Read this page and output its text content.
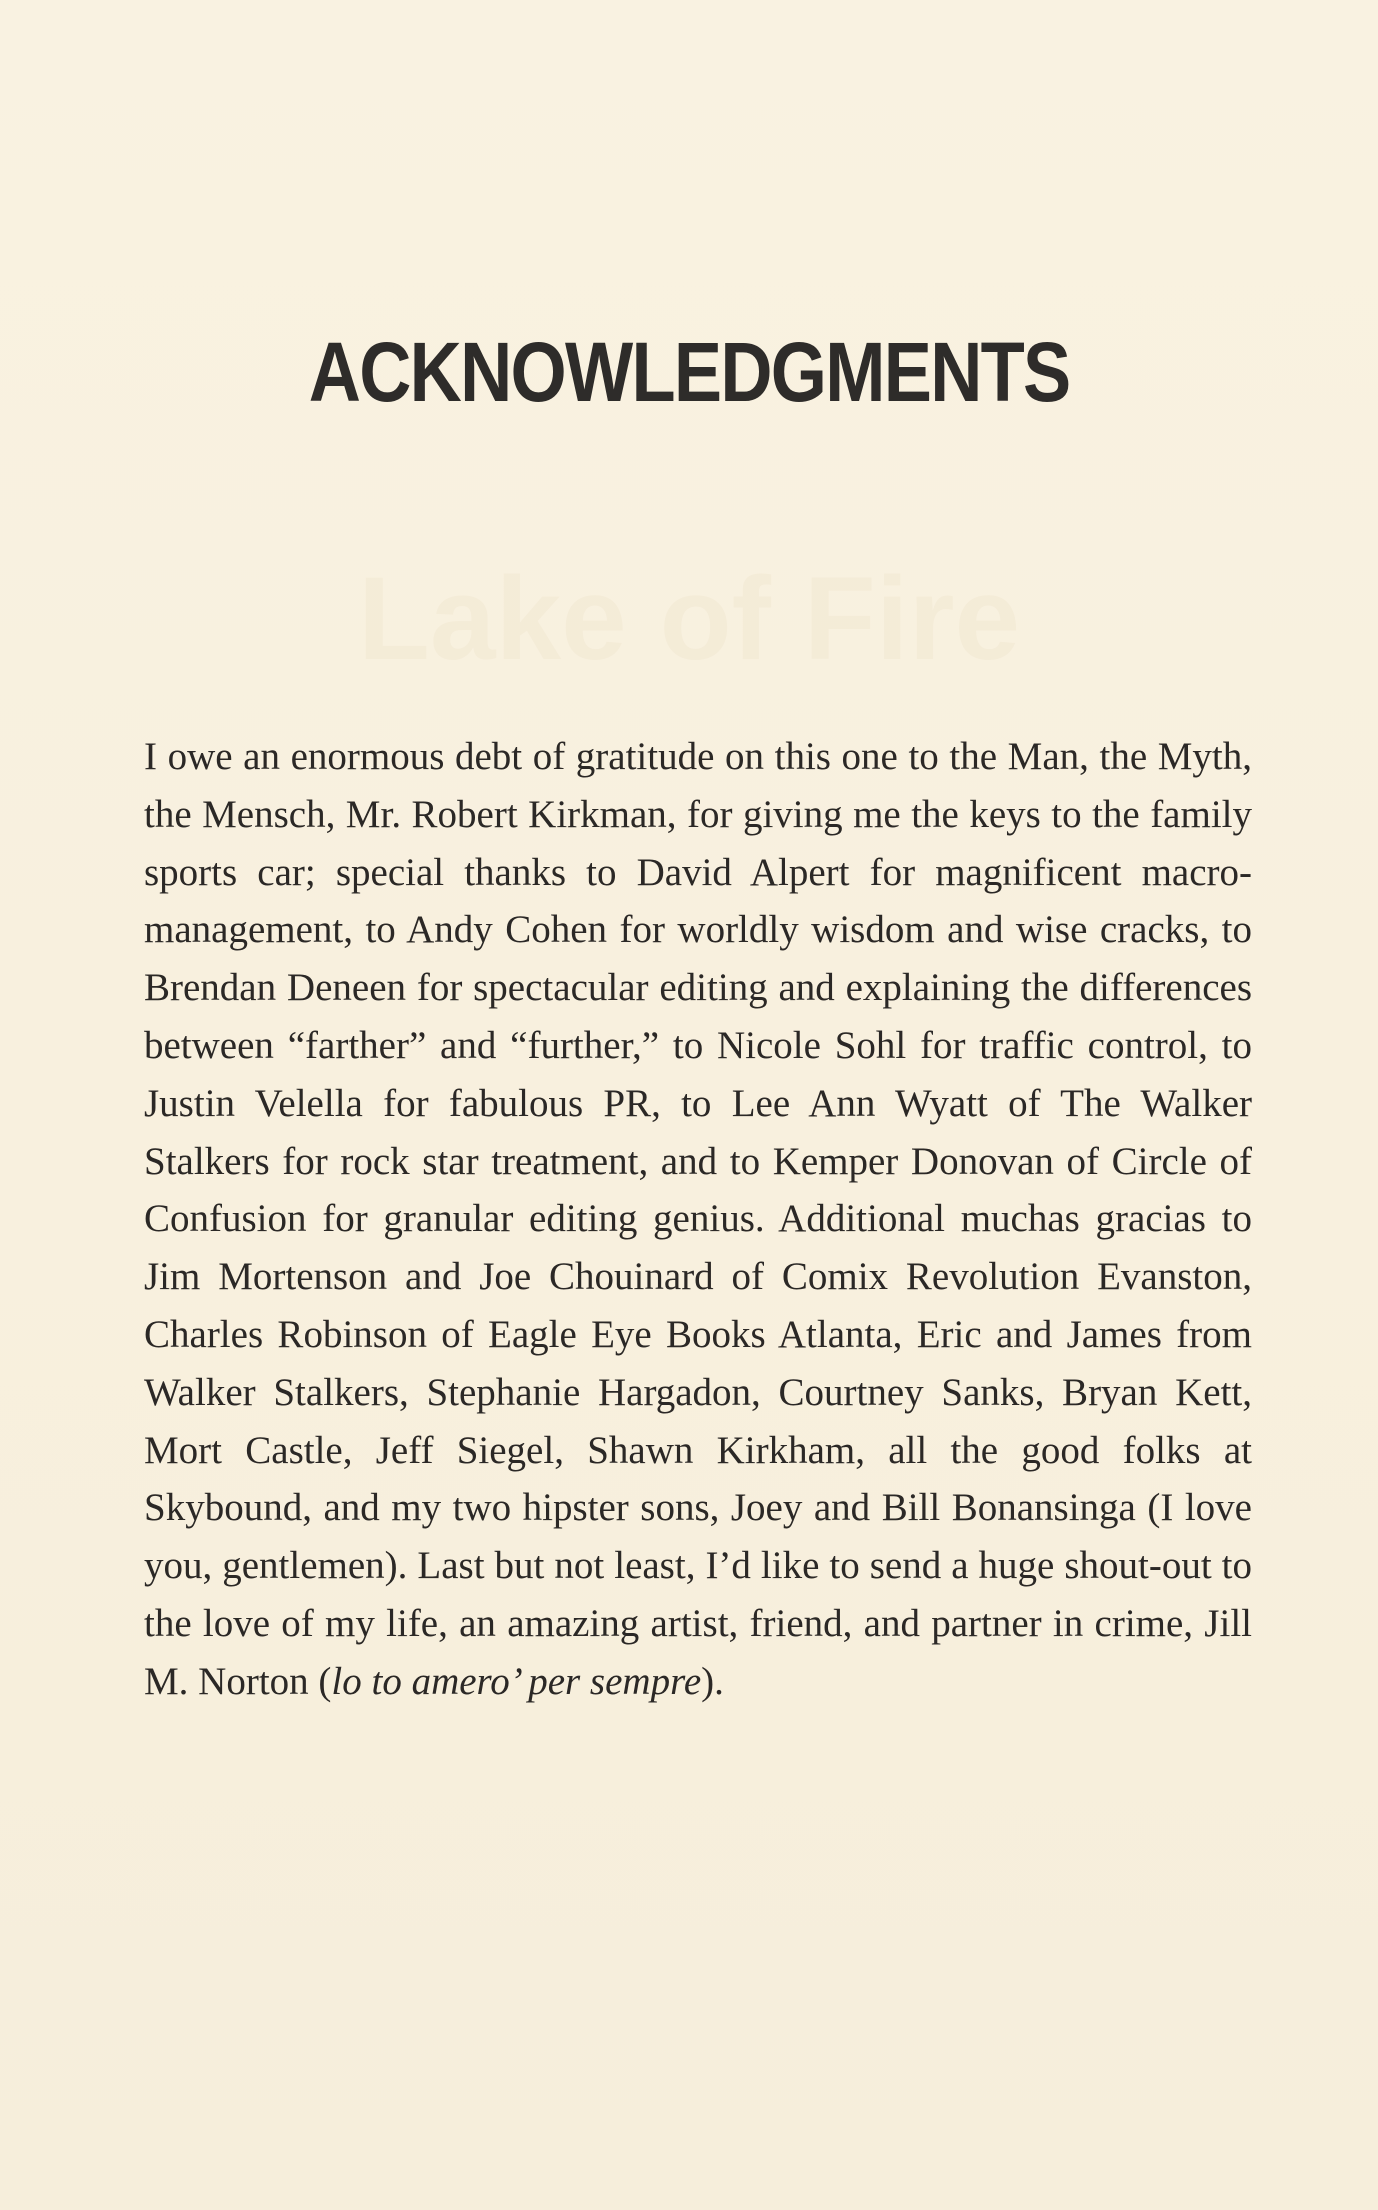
Lake of Fire
ACKNOWLEDGMENTS

I owe an enormous debt of gratitude on this one to the Man, the Myth, the Mensch, Mr. Robert Kirkman, for giving me the keys to the family sports car; special thanks to David Alpert for magnificent macro-management, to Andy Cohen for worldly wisdom and wise cracks, to Brendan Deneen for spectacular editing and explaining the differences between “farther” and “further,” to Nicole Sohl for traffic control, to Justin Velella for fabulous PR, to Lee Ann Wyatt of The Walker Stalkers for rock star treatment, and to Kemper Donovan of Circle of Confusion for granular editing genius. Additional muchas gracias to Jim Mortenson and Joe Chouinard of Comix Revolution Evanston, Charles Robinson of Eagle Eye Books Atlanta, Eric and James from Walker Stalkers, Stephanie Hargadon, Courtney Sanks, Bryan Kett, Mort Castle, Jeff Siegel, Shawn Kirkham, all the good folks at Skybound, and my two hipster sons, Joey and Bill Bonansinga (I love you, gentlemen). Last but not least, I’d like to send a huge shout-out to the love of my life, an amazing artist, friend, and partner in crime, Jill M. Norton (lo to amero’ per sempre).
